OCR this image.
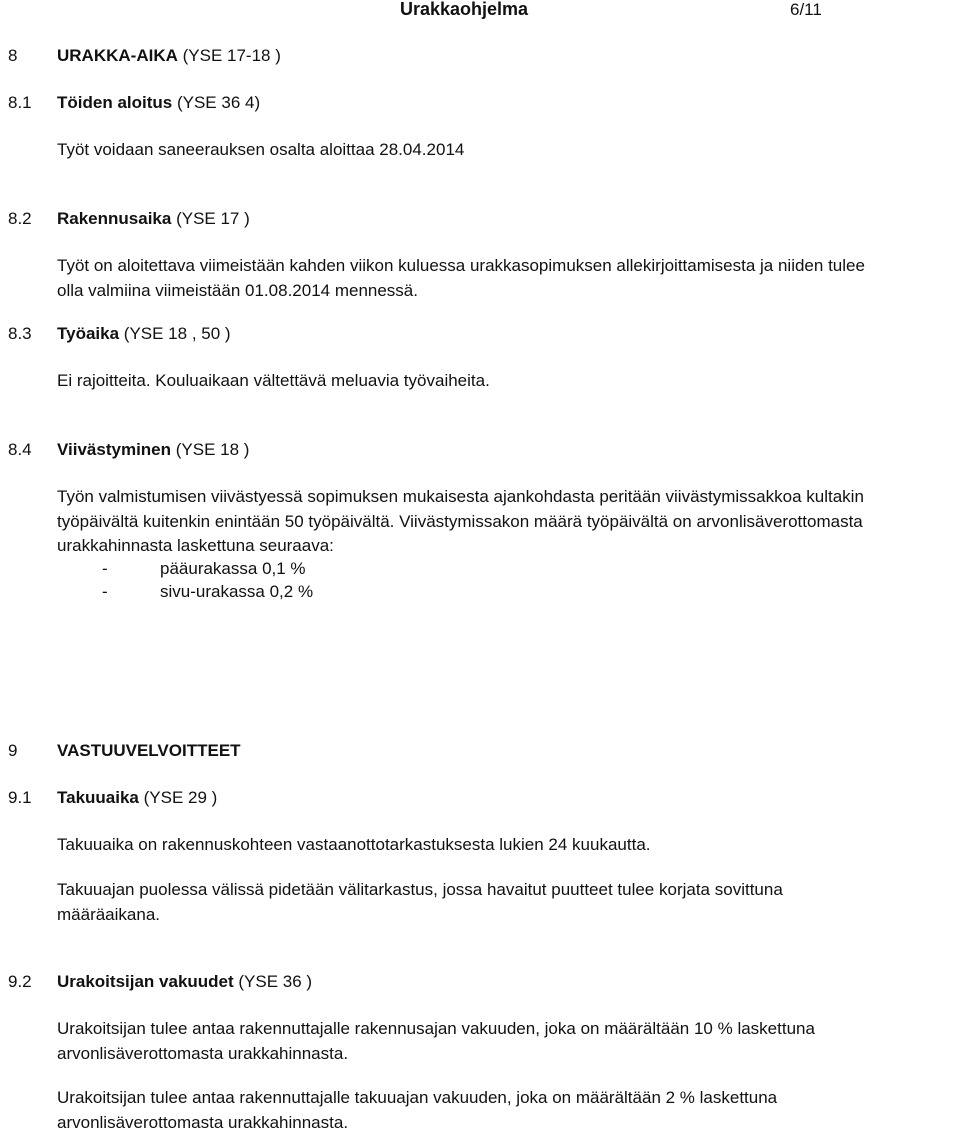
Urakkaohjelma	6/11
8 URAKKA-AIKA (YSE 17-18 )
8.1 Töiden aloitus (YSE 36 4)
Työt voidaan saneerauksen osalta aloittaa 28.04.2014
8.2 Rakennusaika (YSE 17 )
Työt on aloitettava viimeistään kahden viikon kuluessa urakkasopimuksen allekirjoittamisesta ja niiden tulee
olla valmiina viimeistään 01.08.2014 mennessä.
8.3 Työaika (YSE 18 , 50 )
Ei rajoitteita. Kouluaikaan vältettävä meluavia työvaiheita.
8.4 Viivästyminen (YSE 18 )
Työn valmistumisen viivästyessä sopimuksen mukaisesta ajankohdasta peritään viivästymissakkoa kultakin
työpäivältä kuitenkin enintään 50 työpäivältä. Viivästymissakon määrä työpäivältä on arvonlisäverottomasta
urakkahinnasta laskettuna seuraava:
-	pääurakassa 0,1 %
-	sivu-urakassa 0,2 %
9 VASTUUVELVOITTEET
9.1 Takuuaika (YSE 29 )
Takuuaika on rakennuskohteen vastaanottotarkastuksesta lukien 24 kuukautta.
Takuuajan puolessa välissä pidetään välitarkastus, jossa havaitut puutteet tulee korjata sovittuna
määräaikana.
9.2 Urakoitsijan vakuudet (YSE 36 )
Urakoitsijan tulee antaa rakennuttajalle rakennusajan vakuuden, joka on määrältään 10 % laskettuna
arvonlisäverottomasta urakkahinnasta.
Urakoitsijan tulee antaa rakennuttajalle takuuajan vakuuden, joka on määrältään 2 % laskettuna
arvonlisäverottomasta urakkahinnasta.
